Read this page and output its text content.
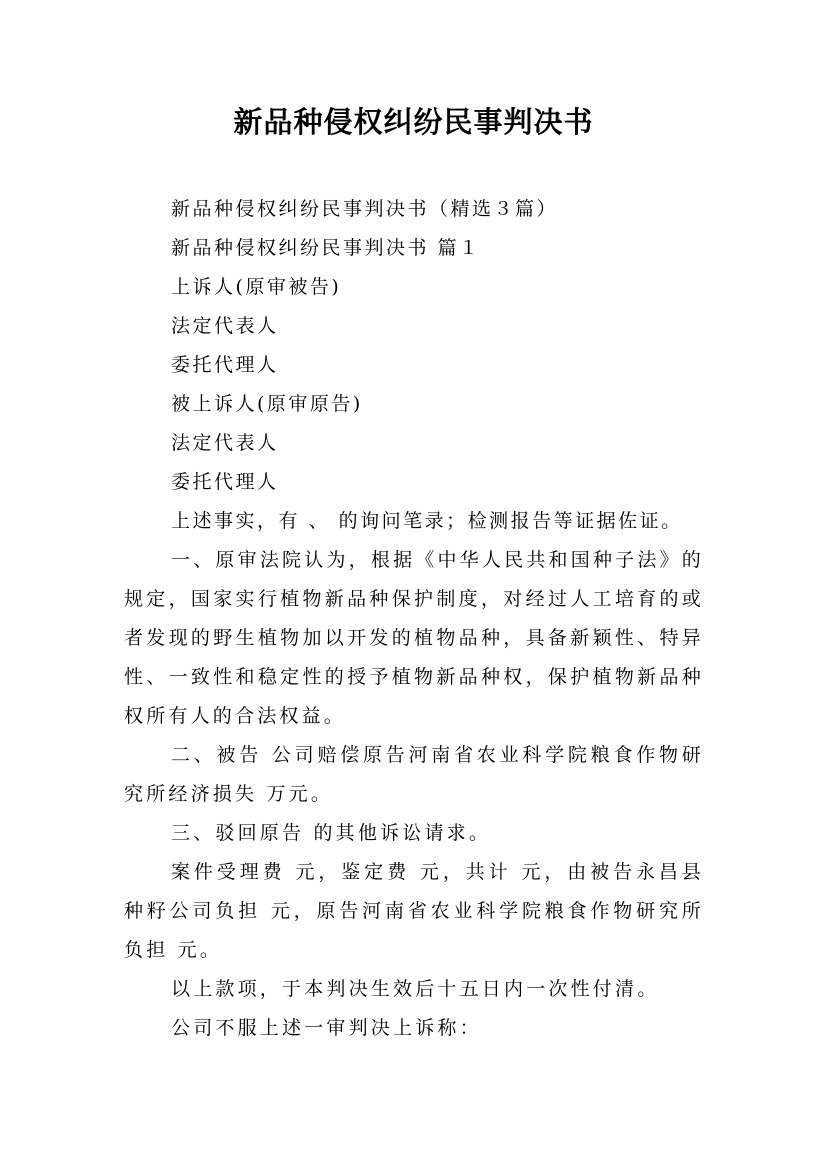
新品种侵权纠纷民事判决书

新品种侵权纠纷民事判决书（精选３篇）

新品种侵权纠纷民事判决书 篇１

上诉人(原审被告)

法定代表人

委托代理人

被上诉人(原审原告)

法定代表人

委托代理人

上述事实，有 、 的询问笔录；检测报告等证据佐证。

一、原审法院认为，根据《中华人民共和国种子法》的规定，国家实行植物新品种保护制度，对经过人工培育的或者发现的野生植物加以开发的植物品种，具备新颖性、特异性、一致性和稳定性的授予植物新品种权，保护植物新品种权所有人的合法权益。

二、被告 公司赔偿原告河南省农业科学院粮食作物研究所经济损失 万元。

三、驳回原告 的其他诉讼请求。

案件受理费 元，鉴定费 元，共计 元，由被告永昌县种籽公司负担 元，原告河南省农业科学院粮食作物研究所负担 元。

以上款项，于本判决生效后十五日内一次性付清。

公司不服上述一审判决上诉称：
